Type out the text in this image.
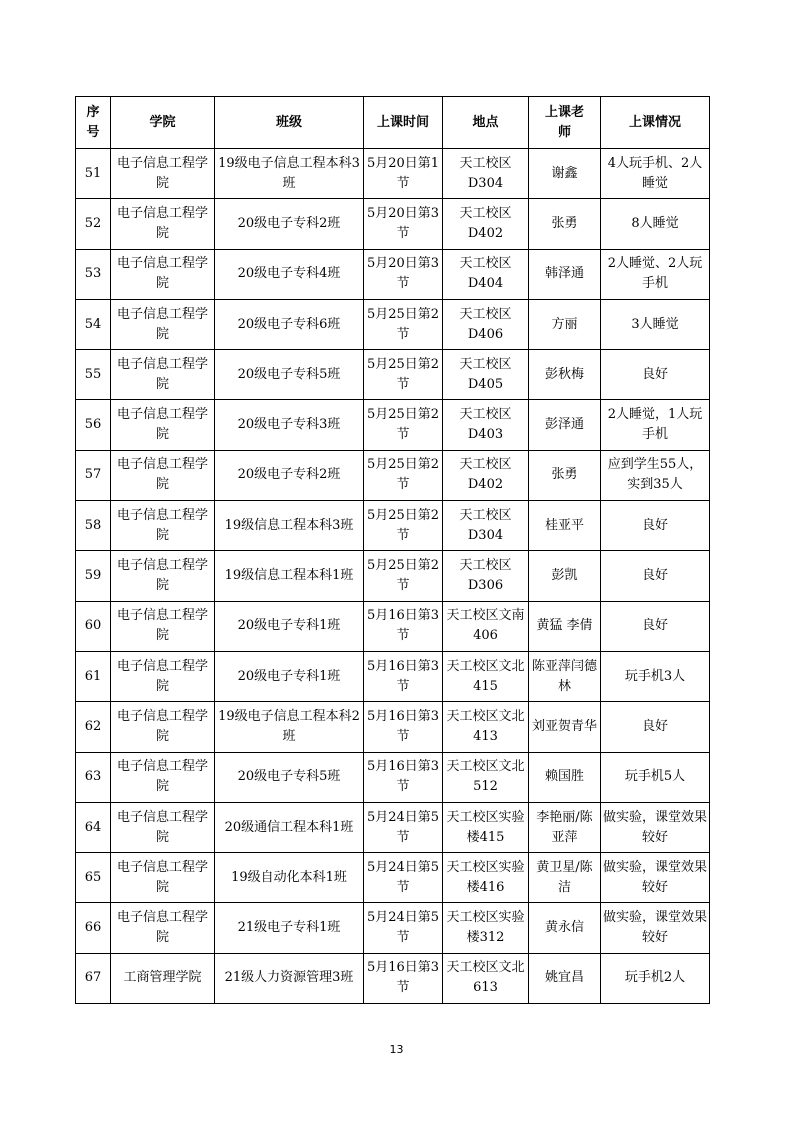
序号	学院	班级	上课时间	地点	上课老师	上课情况
51	电子信息工程学院	19级电子信息工程本科3班	5月20日第1节	天工校区D304	谢鑫	4人玩手机、2人睡觉
52	电子信息工程学院	20级电子专科2班	5月20日第3节	天工校区D402	张勇	8人睡觉
53	电子信息工程学院	20级电子专科4班	5月20日第3节	天工校区D404	韩泽通	2人睡觉、2人玩手机
54	电子信息工程学院	20级电子专科6班	5月25日第2节	天工校区D406	方丽	3人睡觉
55	电子信息工程学院	20级电子专科5班	5月25日第2节	天工校区D405	彭秋梅	良好
56	电子信息工程学院	20级电子专科3班	5月25日第2节	天工校区D403	彭泽通	2人睡觉，1人玩手机
57	电子信息工程学院	20级电子专科2班	5月25日第2节	天工校区D402	张勇	应到学生55人，实到35人
58	电子信息工程学院	19级信息工程本科3班	5月25日第2节	天工校区D304	桂亚平	良好
59	电子信息工程学院	19级信息工程本科1班	5月25日第2节	天工校区D306	彭凯	良好
60	电子信息工程学院	20级电子专科1班	5月16日第3节	天工校区文南406	黄猛 李倩	良好
61	电子信息工程学院	20级电子专科1班	5月16日第3节	天工校区文北415	陈亚萍闫德林	玩手机3人
62	电子信息工程学院	19级电子信息工程本科2班	5月16日第3节	天工校区文北413	刘亚贺青华	良好
63	电子信息工程学院	20级电子专科5班	5月16日第3节	天工校区文北512	赖国胜	玩手机5人
64	电子信息工程学院	20级通信工程本科1班	5月24日第5节	天工校区实验楼415	李艳丽/陈亚萍	做实验，课堂效果较好
65	电子信息工程学院	19级自动化本科1班	5月24日第5节	天工校区实验楼416	黄卫星/陈洁	做实验，课堂效果较好
66	电子信息工程学院	21级电子专科1班	5月24日第5节	天工校区实验楼312	黄永信	做实验，课堂效果较好
67	工商管理学院	21级人力资源管理3班	5月16日第3节	天工校区文北613	姚宜昌	玩手机2人
13
